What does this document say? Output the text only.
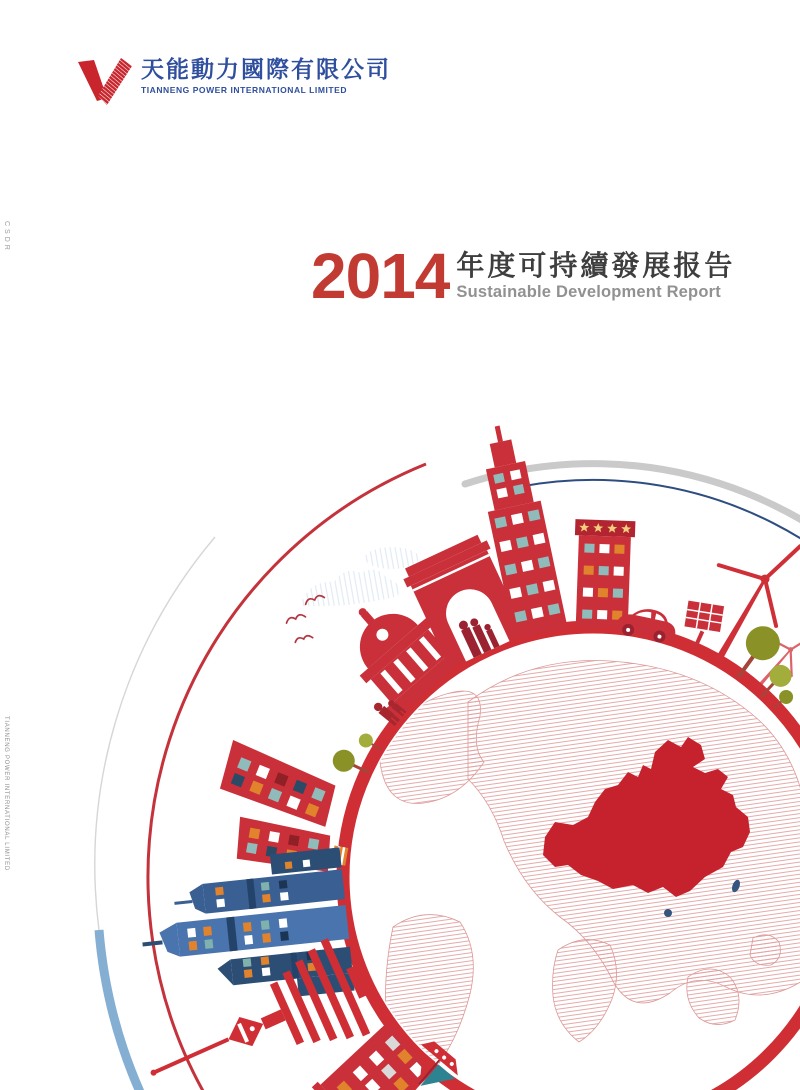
天能動力國際有限公司
TIANNENG POWER INTERNATIONAL LIMITED
2014 年度可持續發展报告
Sustainable Development Report
CSDR
TIANNENG POWER INTERNATIONAL LIMITED
